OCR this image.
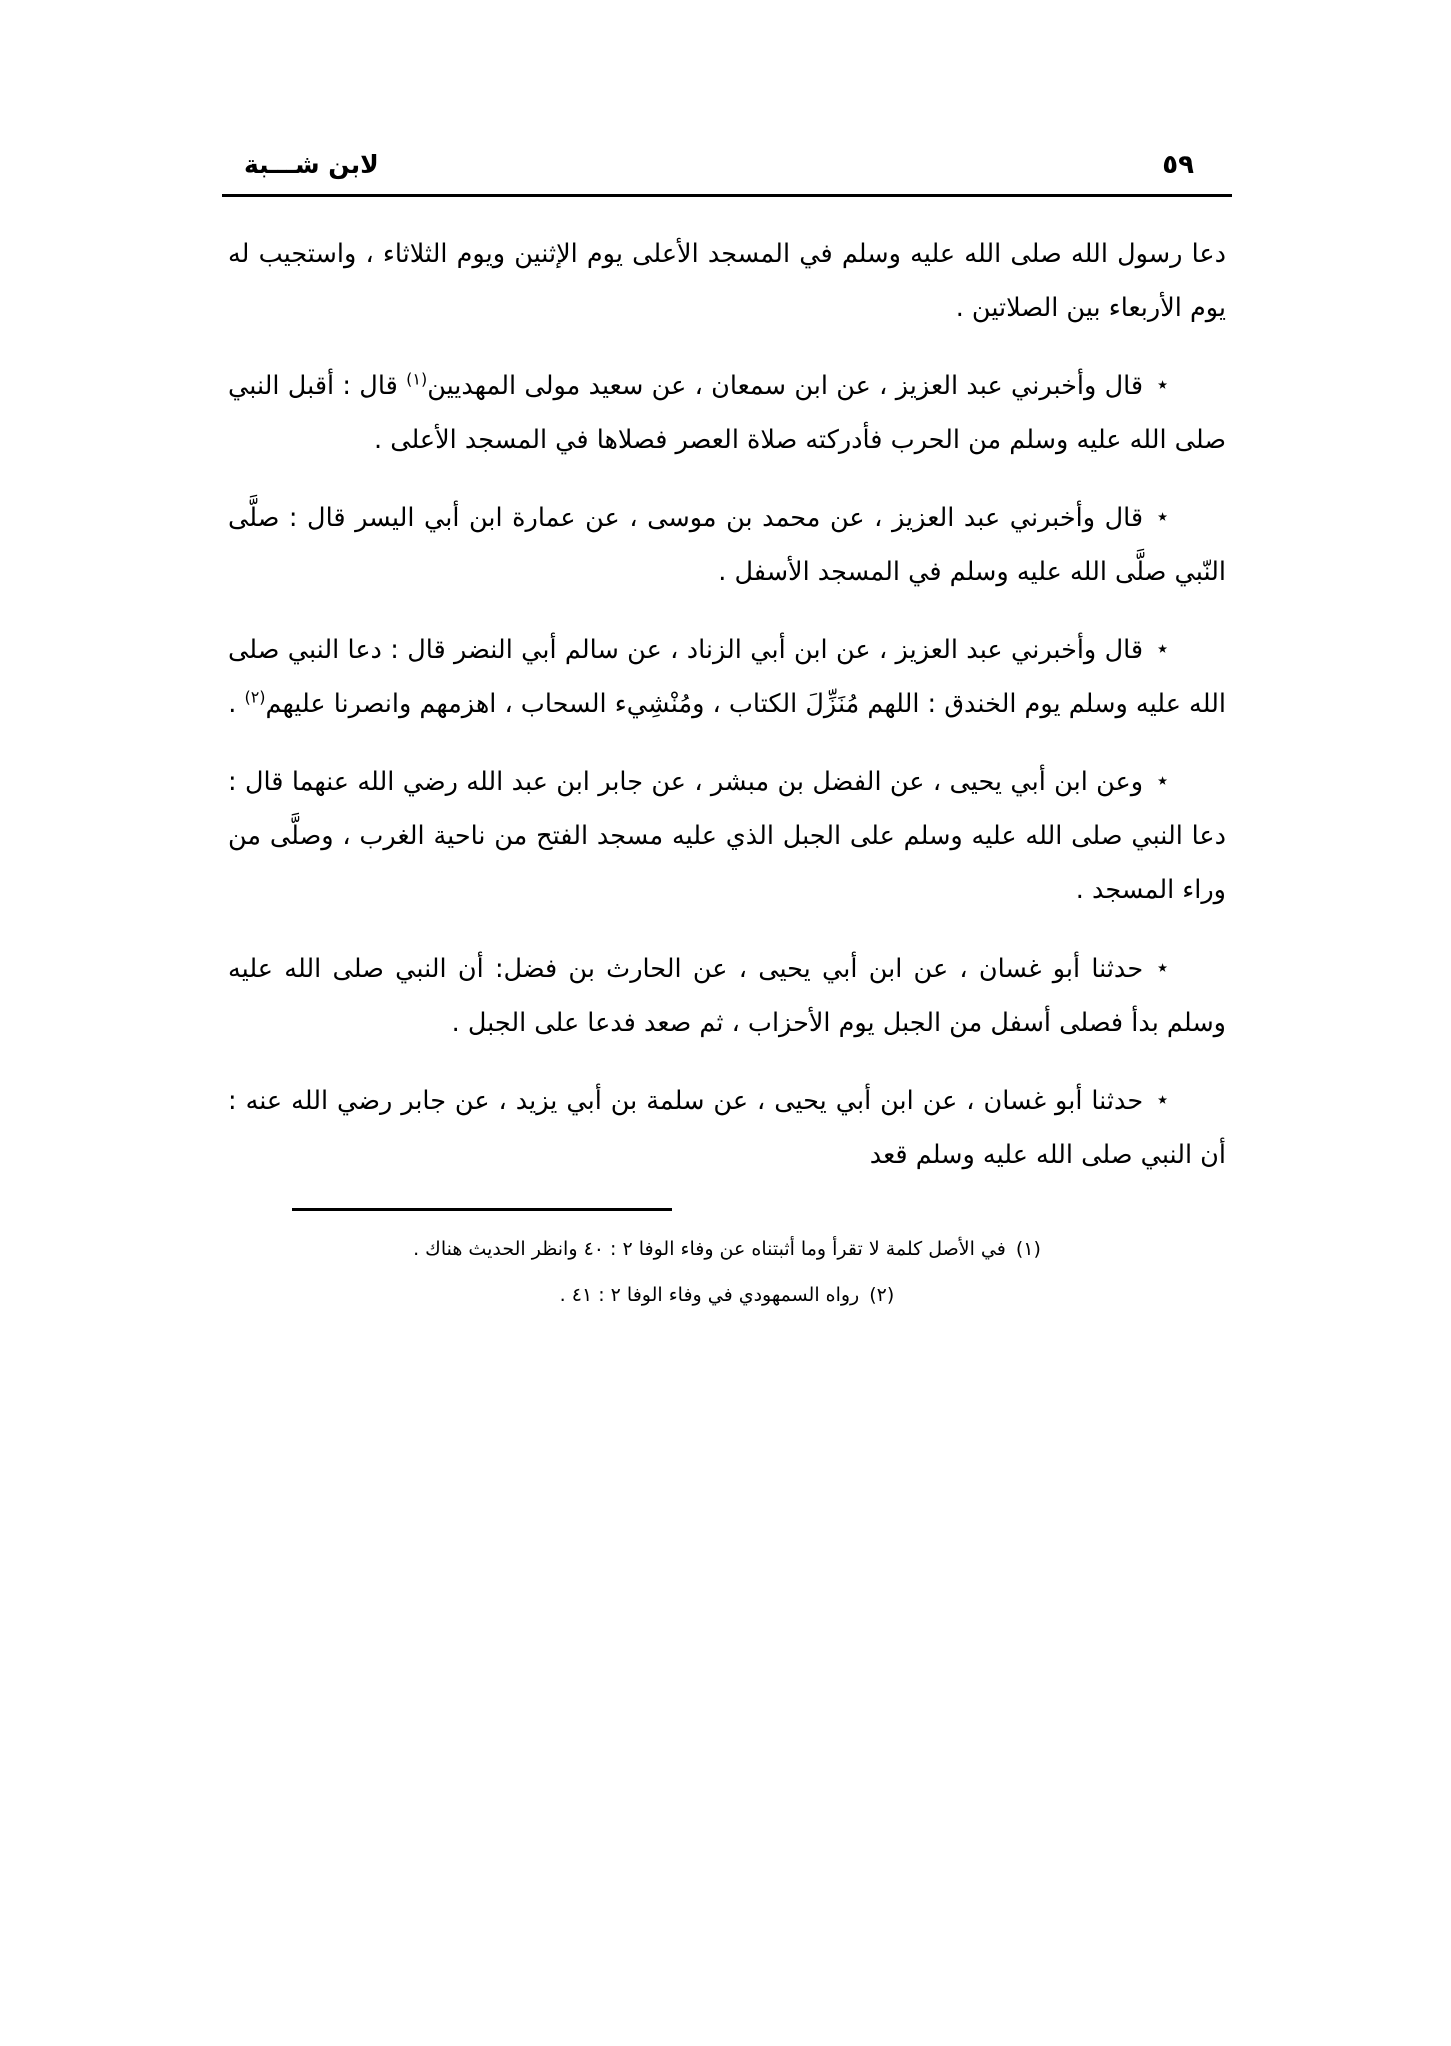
٥٩
لابن شـــبة

دعا رسول الله صلى الله عليه وسلم في المسجد الأعلى يوم الإثنين ويوم الثلاثاء ، واستجيب له يوم الأربعاء بين الصلاتين .

٭قال وأخبرني عبد العزيز ، عن ابن سمعان ، عن سعيد مولى المهديين$^{(١)}$ قال : أقبل النبي صلى الله عليه وسلم من الحرب فأدركته صلاة العصر فصلاها في المسجد الأعلى .

٭قال وأخبرني عبد العزيز ، عن محمد بن موسى ، عن عمارة ابن أبي اليسر قال : صلَّى النّبي صلَّى الله عليه وسلم في المسجد الأسفل .

٭قال وأخبرني عبد العزيز ، عن ابن أبي الزناد ، عن سالم أبي النضر قال : دعا النبي صلى الله عليه وسلم يوم الخندق : اللهم مُنَزِّلَ الكتاب ، ومُنْشِيء السحاب ، اهزمهم وانصرنا عليهم$^{(٢)}$ .

٭وعن ابن أبي يحيى ، عن الفضل بن مبشر ، عن جابر ابن عبد الله رضي الله عنهما قال : دعا النبي صلى الله عليه وسلم على الجبل الذي عليه مسجد الفتح من ناحية الغرب ، وصلَّى من وراء المسجد .

٭حدثنا أبو غسان ، عن ابن أبي يحيى ، عن الحارث بن فضل: أن النبي صلى الله عليه وسلم بدأ فصلى أسفل من الجبل يوم الأحزاب ، ثم صعد فدعا على الجبل .

٭حدثنا أبو غسان ، عن ابن أبي يحيى ، عن سلمة بن أبي يزيد ، عن جابر رضي الله عنه : أن النبي صلى الله عليه وسلم قعد

(١)في الأصل كلمة لا تقرأ وما أثبتناه عن وفاء الوفا ٢ : ٤٠ وانظر الحديث هناك .
(٢)رواه السمهودي في وفاء الوفا ٢ : ٤١ .
